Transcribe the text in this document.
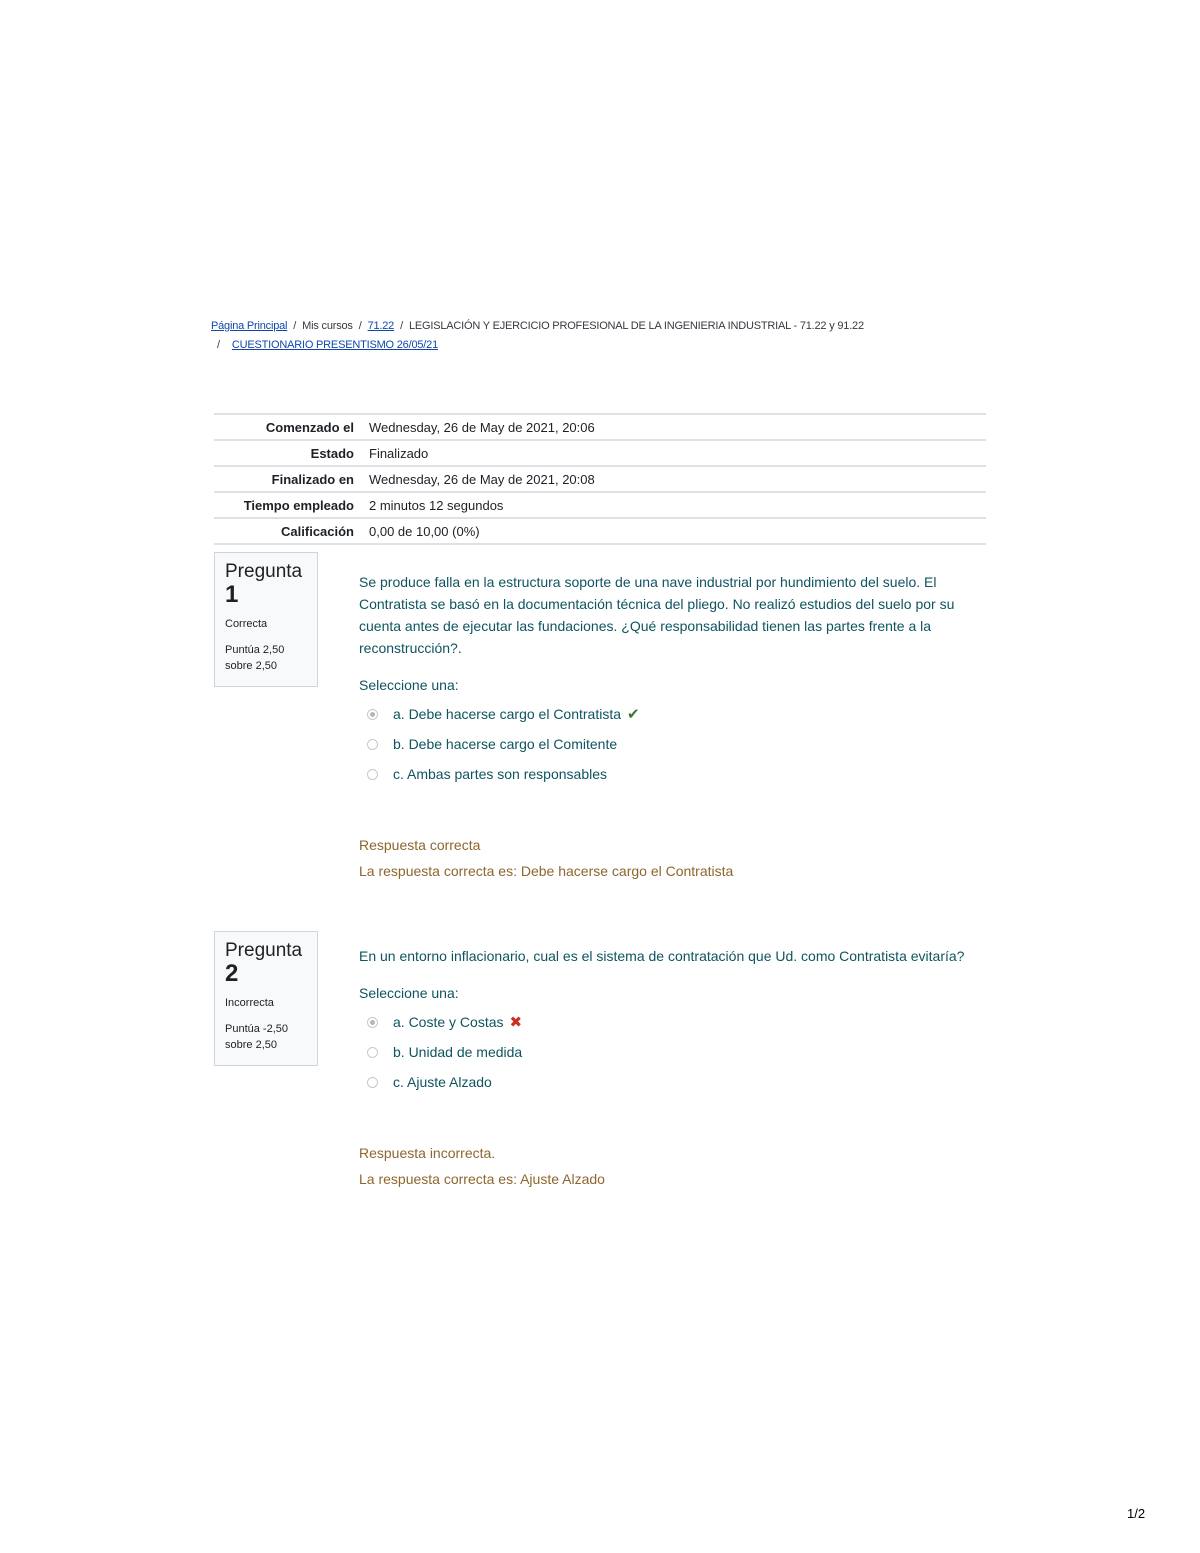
Página Principal / Mis cursos / 71.22 / LEGISLACIÓN Y EJERCICIO PROFESIONAL DE LA INGENIERIA INDUSTRIAL - 71.22 y 91.22
/ CUESTIONARIO PRESENTISMO 26/05/21
Comenzado el	Wednesday, 26 de May de 2021, 20:06
Estado	Finalizado
Finalizado en	Wednesday, 26 de May de 2021, 20:08
Tiempo empleado	2 minutos 12 segundos
Calificación	0,00 de 10,00 (0%)
Pregunta
1
Correcta
Puntúa 2,50
sobre 2,50
Se produce falla en la estructura soporte de una nave industrial por hundimiento del suelo. El Contratista se basó en la documentación técnica del pliego. No realizó estudios del suelo por su cuenta antes de ejecutar las fundaciones. ¿Qué responsabilidad tienen las partes frente a la reconstrucción?.
Seleccione una:
a. Debe hacerse cargo el Contratista ✔
b. Debe hacerse cargo el Comitente
c. Ambas partes son responsables
Respuesta correcta
La respuesta correcta es: Debe hacerse cargo el Contratista
Pregunta
2
Incorrecta
Puntúa -2,50
sobre 2,50
En un entorno inflacionario, cual es el sistema de contratación que Ud. como Contratista evitaría?
Seleccione una:
a. Coste y Costas ✖
b. Unidad de medida
c. Ajuste Alzado
Respuesta incorrecta.
La respuesta correcta es: Ajuste Alzado
1/2
